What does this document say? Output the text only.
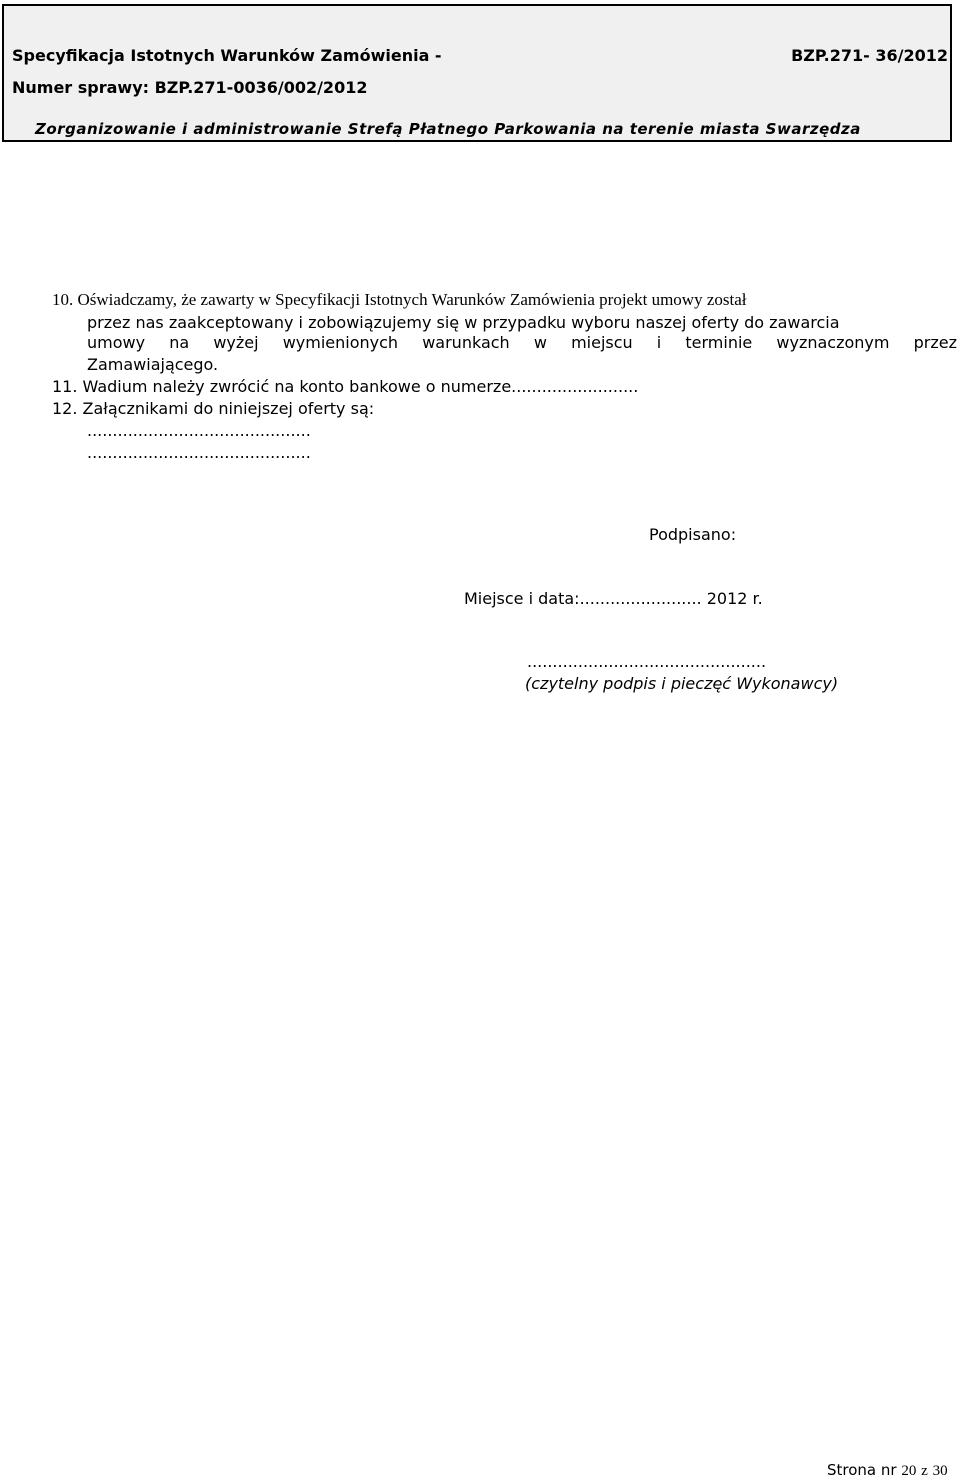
Specyfikacja Istotnych Warunków Zamówienia -	BZP.271- 36/2012
Numer sprawy: BZP.271-0036/002/2012
Zorganizowanie i administrowanie Strefą Płatnego Parkowania na terenie miasta Swarzędza
10. Oświadczamy, że zawarty w Specyfikacji Istotnych Warunków Zamówienia projekt umowy został
przez nas zaakceptowany i zobowiązujemy się w przypadku wyboru naszej oferty do zawarcia
umowy na wyżej wymienionych warunkach w miejscu i terminie wyznaczonym przez
Zamawiającego.
11. Wadium należy zwrócić na konto bankowe o numerze.........................
12. Załącznikami do niniejszej oferty są:
............................................
............................................
Podpisano:
Miejsce i data:........................ 2012 r.
...............................................
(czytelny podpis i pieczęć Wykonawcy)
Strona nr 20 z 30
